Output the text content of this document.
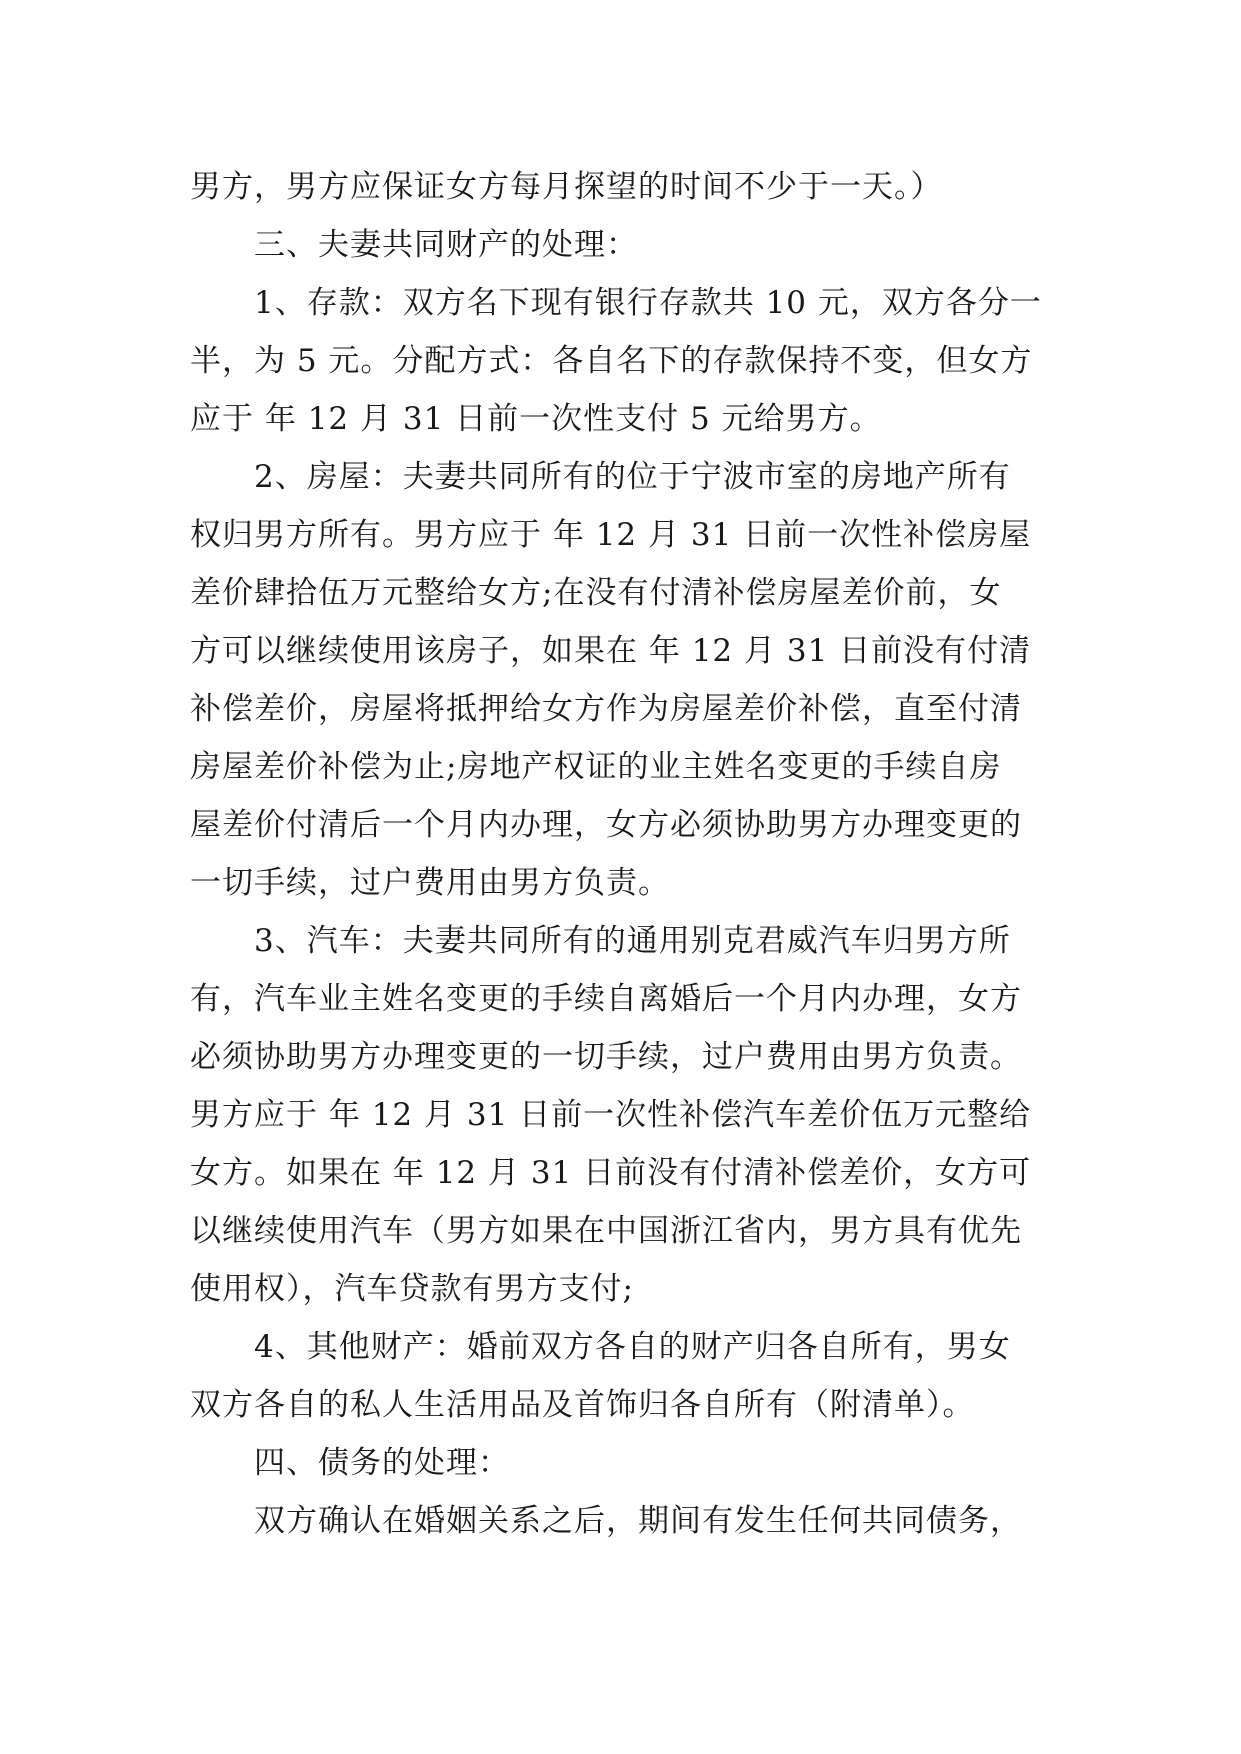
男方，男方应保证女方每月探望的时间不少于一天。）
三、夫妻共同财产的处理：
1、存款：双方名下现有银行存款共 10 元，双方各分一
半，为 5 元。分配方式：各自名下的存款保持不变，但女方
应于 年 12 月 31 日前一次性支付 5 元给男方。
2、房屋：夫妻共同所有的位于宁波市室的房地产所有
权归男方所有。男方应于 年 12 月 31 日前一次性补偿房屋
差价肆拾伍万元整给女方;在没有付清补偿房屋差价前，女
方可以继续使用该房子，如果在 年 12 月 31 日前没有付清
补偿差价，房屋将抵押给女方作为房屋差价补偿，直至付清
房屋差价补偿为止;房地产权证的业主姓名变更的手续自房
屋差价付清后一个月内办理，女方必须协助男方办理变更的
一切手续，过户费用由男方负责。
3、汽车：夫妻共同所有的通用别克君威汽车归男方所
有，汽车业主姓名变更的手续自离婚后一个月内办理，女方
必须协助男方办理变更的一切手续，过户费用由男方负责。
男方应于 年 12 月 31 日前一次性补偿汽车差价伍万元整给
女方。如果在 年 12 月 31 日前没有付清补偿差价，女方可
以继续使用汽车（男方如果在中国浙江省内，男方具有优先
使用权），汽车贷款有男方支付;
4、其他财产：婚前双方各自的财产归各自所有，男女
双方各自的私人生活用品及首饰归各自所有（附清单）。
四、债务的处理：
双方确认在婚姻关系之后，期间有发生任何共同债务，
